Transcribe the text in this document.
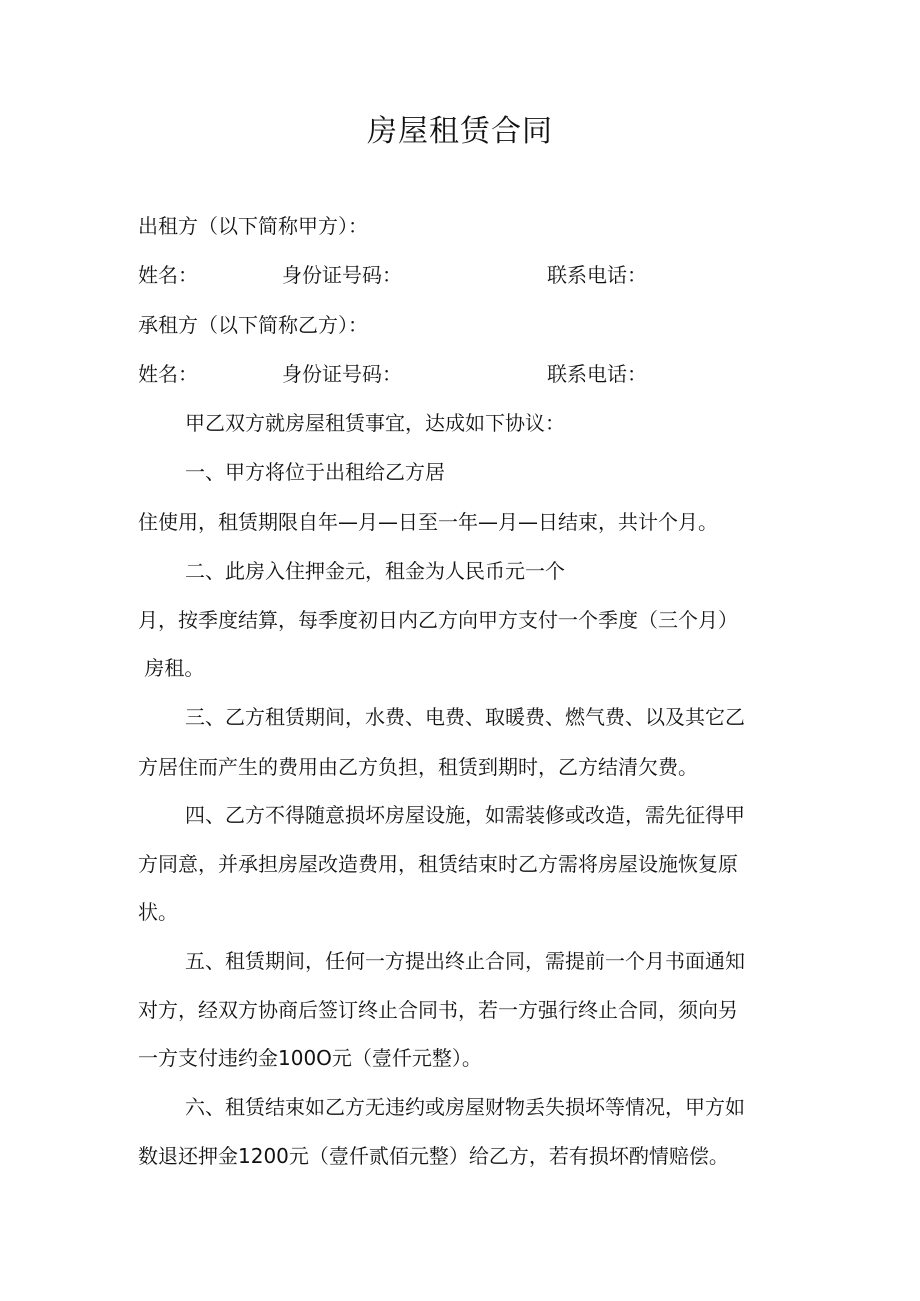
房屋租赁合同
出租方（以下简称甲方）：
姓名：	身份证号码：	联系电话：
承租方（以下简称乙方）：
姓名：	身份证号码：	联系电话：
甲乙双方就房屋租赁事宜，达成如下协议：
一、甲方将位于出租给乙方居
住使用，租赁期限自年—月—日至一年—月—日结束，共计个月。
二、此房入住押金元，租金为人民币元一个
月，按季度结算，每季度初日内乙方向甲方支付一个季度（三个月）
房租。
三、乙方租赁期间，水费、电费、取暖费、燃气费、以及其它乙
方居住而产生的费用由乙方负担，租赁到期时，乙方结清欠费。
四、乙方不得随意损坏房屋设施，如需装修或改造，需先征得甲
方同意，并承担房屋改造费用，租赁结束时乙方需将房屋设施恢复原
状。
五、租赁期间，任何一方提出终止合同，需提前一个月书面通知
对方，经双方协商后签订终止合同书，若一方强行终止合同，须向另
一方支付违约金100O元（壹仟元整）。
六、租赁结束如乙方无违约或房屋财物丢失损坏等情况，甲方如
数退还押金1200元（壹仟贰佰元整）给乙方，若有损坏酌情赔偿。
